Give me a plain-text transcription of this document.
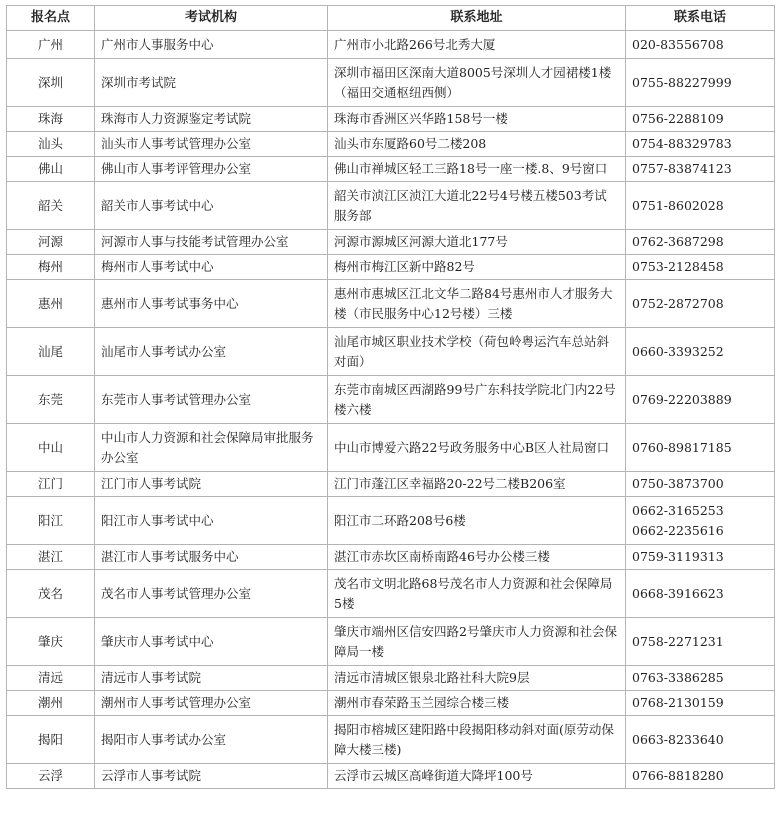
报名点	考试机构	联系地址	联系电话
广州	广州市人事服务中心	广州市小北路266号北秀大厦	020-83556708

深圳	深圳市考试院	深圳市福田区深南大道8005号深圳人才园裙楼1楼（福田交通枢纽西侧）	0755-88227999

珠海	珠海市人力资源鉴定考试院	珠海市香洲区兴华路158号一楼	0756-2288109

汕头	汕头市人事考试管理办公室	汕头市东厦路60号二楼208	0754-88329783

佛山	佛山市人事考评管理办公室	佛山市禅城区轻工三路18号一座一楼.8、9号窗口	0757-83874123

韶关	韶关市人事考试中心	韶关市浈江区浈江大道北22号4号楼五楼503考试服务部	0751-8602028

河源	河源市人事与技能考试管理办公室	河源市源城区河源大道北177号	0762-3687298

梅州	梅州市人事考试中心	梅州市梅江区新中路82号	0753-2128458

惠州	惠州市人事考试事务中心	惠州市惠城区江北文华二路84号惠州市人才服务大楼（市民服务中心12号楼）三楼	0752-2872708

汕尾	汕尾市人事考试办公室	汕尾市城区职业技术学校（荷包岭粤运汽车总站斜对面）	0660-3393252

东莞	东莞市人事考试管理办公室	东莞市南城区西湖路99号广东科技学院北门内22号楼六楼	0769-22203889

中山	中山市人力资源和社会保障局审批服务办公室	中山市博爱六路22号政务服务中心B区人社局窗口	0760-89817185

江门	江门市人事考试院	江门市蓬江区幸福路20-22号二楼B206室	0750-3873700

阳江	阳江市人事考试中心	阳江市二环路208号6楼	0662-3165253
0662-2235616

湛江	湛江市人事考试服务中心	湛江市赤坎区南桥南路46号办公楼三楼	0759-3119313

茂名	茂名市人事考试管理办公室	茂名市文明北路68号茂名市人力资源和社会保障局5楼	0668-3916623

肇庆	肇庆市人事考试中心	肇庆市端州区信安四路2号肇庆市人力资源和社会保障局一楼	0758-2271231

清远	清远市人事考试院	清远市清城区银泉北路社科大院9层	0763-3386285

潮州	潮州市人事考试管理办公室	潮州市春荣路玉兰园综合楼三楼	0768-2130159

揭阳	揭阳市人事考试办公室	揭阳市榕城区建阳路中段揭阳移动斜对面(原劳动保障大楼三楼)	0663-8233640

云浮	云浮市人事考试院	云浮市云城区高峰街道大降坪100号	0766-8818280
